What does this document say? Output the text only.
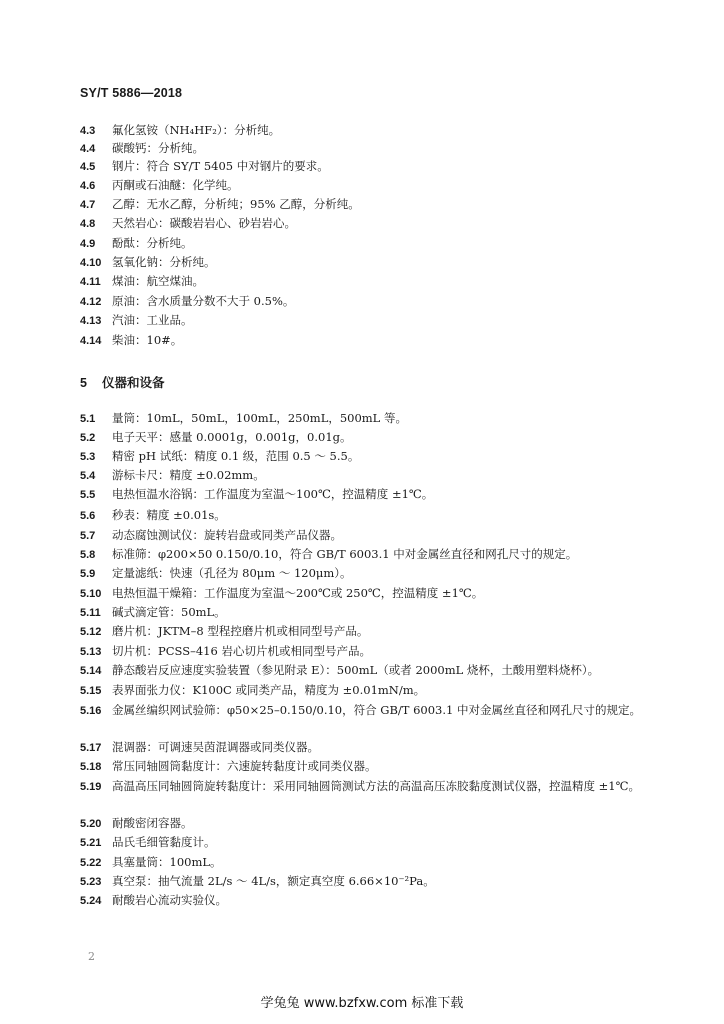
SY/T 5886—2018
4.3 氟化氢铵（NH₄HF₂）：分析纯。
4.4 碳酸钙：分析纯。
4.5 钢片：符合 SY/T 5405 中对钢片的要求。
4.6 丙酮或石油醚：化学纯。
4.7 乙醇：无水乙醇，分析纯；95% 乙醇，分析纯。
4.8 天然岩心：碳酸岩岩心、砂岩岩心。
4.9 酚酞：分析纯。
4.10 氢氧化钠：分析纯。
4.11 煤油：航空煤油。
4.12 原油：含水质量分数不大于 0.5%。
4.13 汽油：工业品。
4.14 柴油：10#。
5 仪器和设备
5.1 量筒：10mL，50mL，100mL，250mL，500mL 等。
5.2 电子天平：感量 0.0001g，0.001g，0.01g。
5.3 精密 pH 试纸：精度 0.1 级，范围 0.5 ～ 5.5。
5.4 游标卡尺：精度 ±0.02mm。
5.5 电热恒温水浴锅：工作温度为室温～100℃，控温精度 ±1℃。
5.6 秒表：精度 ±0.01s。
5.7 动态腐蚀测试仪：旋转岩盘或同类产品仪器。
5.8 标准筛：φ200×50 0.150/0.10，符合 GB/T 6003.1 中对金属丝直径和网孔尺寸的规定。
5.9 定量滤纸：快速（孔径为 80μm ～ 120μm）。
5.10 电热恒温干燥箱：工作温度为室温～200℃或 250℃，控温精度 ±1℃。
5.11 碱式滴定管：50mL。
5.12 磨片机：JKTM–8 型程控磨片机或相同型号产品。
5.13 切片机：PCSS–416 岩心切片机或相同型号产品。
5.14 静态酸岩反应速度实验装置（参见附录 E）：500mL（或者 2000mL 烧杯，土酸用塑料烧杯）。
5.15 表界面张力仪：K100C 或同类产品，精度为 ±0.01mN/m。
5.16 金属丝编织网试验筛：φ50×25–0.150/0.10，符合 GB/T 6003.1 中对金属丝直径和网孔尺寸的规定。
5.17 混调器：可调速吴茵混调器或同类仪器。
5.18 常压同轴圆筒黏度计：六速旋转黏度计或同类仪器。
5.19 高温高压同轴圆筒旋转黏度计：采用同轴圆筒测试方法的高温高压冻胶黏度测试仪器，控温精度 ±1℃。
5.20 耐酸密闭容器。
5.21 品氏毛细管黏度计。
5.22 具塞量筒：100mL。
5.23 真空泵：抽气流量 2L/s ～ 4L/s，额定真空度 6.66×10⁻²Pa。
5.24 耐酸岩心流动实验仪。
2
学兔兔 www.bzfxw.com 标准下载
